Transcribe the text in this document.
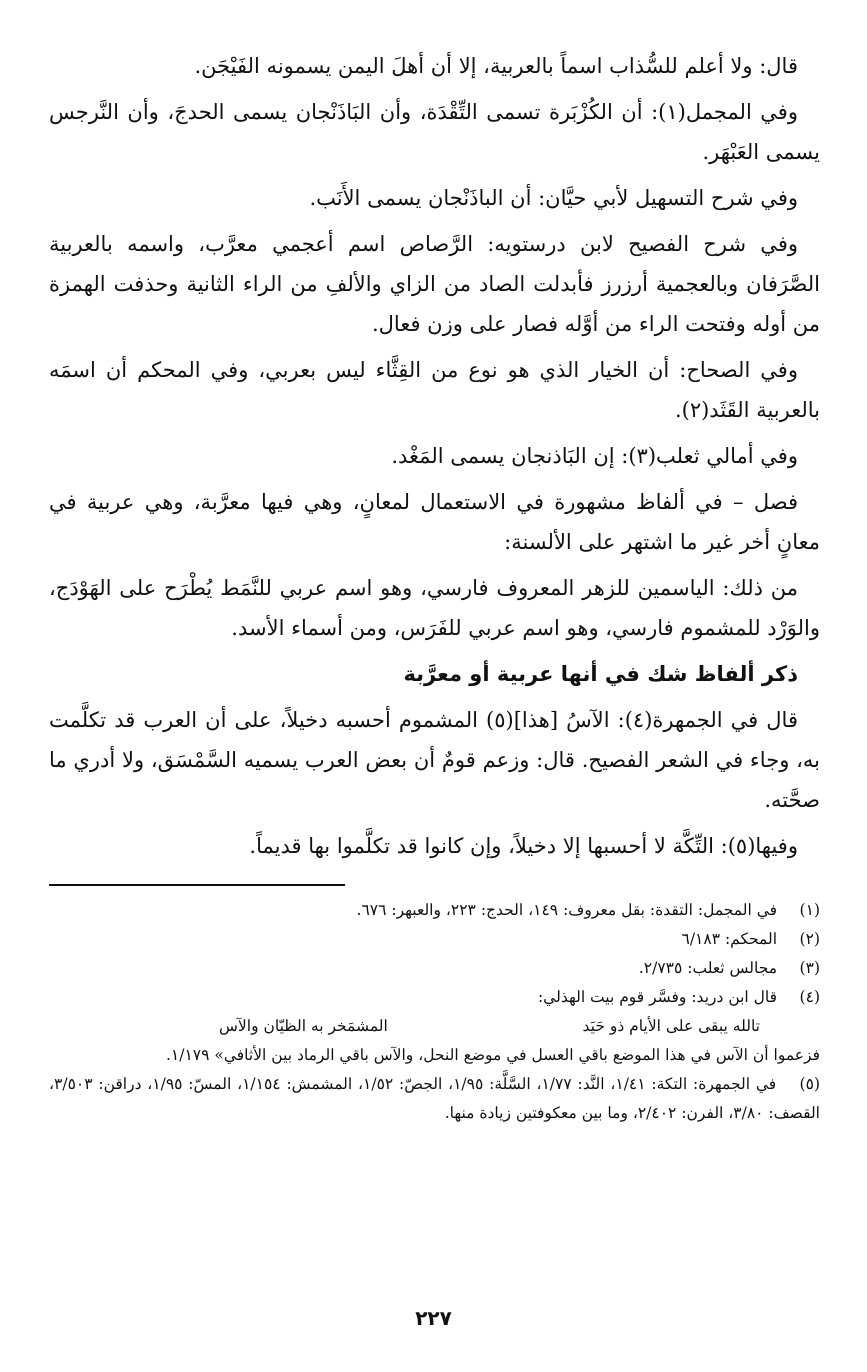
قال: ولا أعلم للسُّذاب اسماً بالعربية، إلا أن أهلَ اليمن يسمونه الفَيْجَن.

وفي المجمل(١): أن الكُزْبَرة تسمى التِّقْدَة، وأن البَاذَنْجان يسمى الحدجَ، وأن النَّرجس يسمى العَبْهَر.

وفي شرح التسهيل لأبي حيَّان: أن الباذَنْجان يسمى الأَنَب.

وفي شرح الفصيح لابن درستويه: الرَّصاص اسم أعجمي معرَّب، واسمه بالعربية الصَّرَفان وبالعجمية أرزرز فأبدلت الصاد من الزاي والألفِ من الراء الثانية وحذفت الهمزة من أوله وفتحت الراء من أوَّله فصار على وزن فعال.

وفي الصحاح: أن الخيار الذي هو نوع من القِثَّاء ليس بعربي، وفي المحكم أن اسمَه بالعربية القَثَد(٢).

وفي أمالي ثعلب(٣): إن البَاذنجان يسمى المَغْد.

فصل – في ألفاظ مشهورة في الاستعمال لمعانٍ، وهي فيها معرَّبة، وهي عربية في معانٍ أخر غير ما اشتهر على الألسنة:

من ذلك: الياسمين للزهر المعروف فارسي، وهو اسم عربي للنَّمَط يُطْرَح على الهَوْدَج، والوَرْد للمشموم فارسي، وهو اسم عربي للفَرَس، ومن أسماء الأسد.

ذكر ألفاظ شك في أنها عربية أو معرَّبة

قال في الجمهرة(٤): الآسُ [هذا](٥) المشموم أحسبه دخيلاً، على أن العرب قد تكلَّمت به، وجاء في الشعر الفصيح. قال: وزعم قومٌ أن بعض العرب يسميه السَّمْسَق، ولا أدري ما صحَّته.

وفيها(٥): التِّكَّة لا أحسبها إلا دخيلاً، وإن كانوا قد تكلَّموا بها قديماً.

(١) في المجمل: التقدة: بقل معروف: ١٤٩، الحدج: ٢٢٣، والعبهر: ٦٧٦.

(٢) المحكم: ٦/١٨٣

(٣) مجالس ثعلب: ٢/٧٣٥.

(٤) قال ابن دريد: وفسَّر قوم بيت الهذلي:

تالله يبقى على الأيام ذو حَيَد
المشمَخر به الظيّان والآس

فزعموا أن الآس في هذا الموضع باقي العسل في موضع النحل، والآس باقي الرماد بين الأثافي» ١/١٧٩.

(٥) في الجمهرة: التكة: ١/٤١، النَّد: ١/٧٧، السَّلَّة: ١/٩٥، الجصّ: ١/٥٢، المشمش: ١/١٥٤، المسّ: ١/٩٥، دراقن: ٣/٥٠٣، القصف: ٣/٨٠، الفرن: ٢/٤٠٢، وما بين معكوفتين زيادة منها.

٢٢٧
